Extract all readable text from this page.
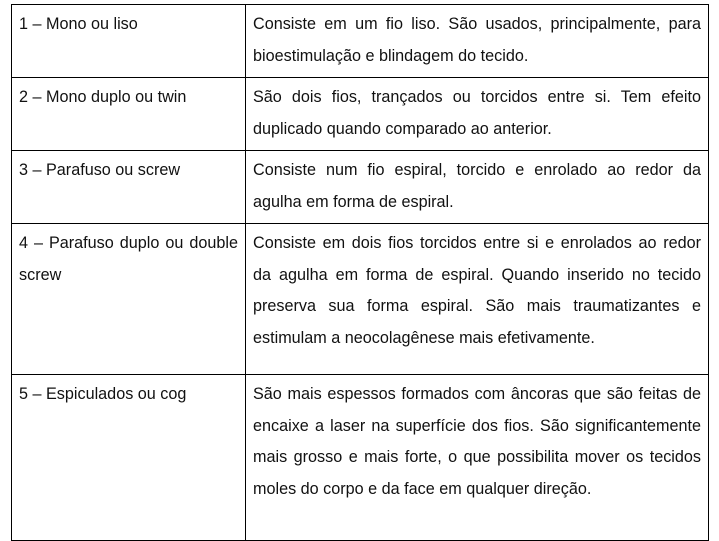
1 – Mono ou liso	Consiste em um fio liso. São usados, principalmente, para bioestimulação e blindagem do tecido.
2 – Mono duplo ou twin	São dois fios, trançados ou torcidos entre si. Tem efeito duplicado quando comparado ao anterior.
3 – Parafuso ou screw	Consiste num fio espiral, torcido e enrolado ao redor da agulha em forma de espiral.
4 – Parafuso duplo ou double screw	Consiste em dois fios torcidos entre si e enrolados ao redor da agulha em forma de espiral. Quando inserido no tecido preserva sua forma espiral. São mais traumatizantes e estimulam a neocolagênese mais efetivamente.
5 – Espiculados ou cog	São mais espessos formados com âncoras que são feitas de encaixe a laser na superfície dos fios. São significantemente mais grosso e mais forte, o que possibilita mover os tecidos moles do corpo e da face em qualquer direção.
